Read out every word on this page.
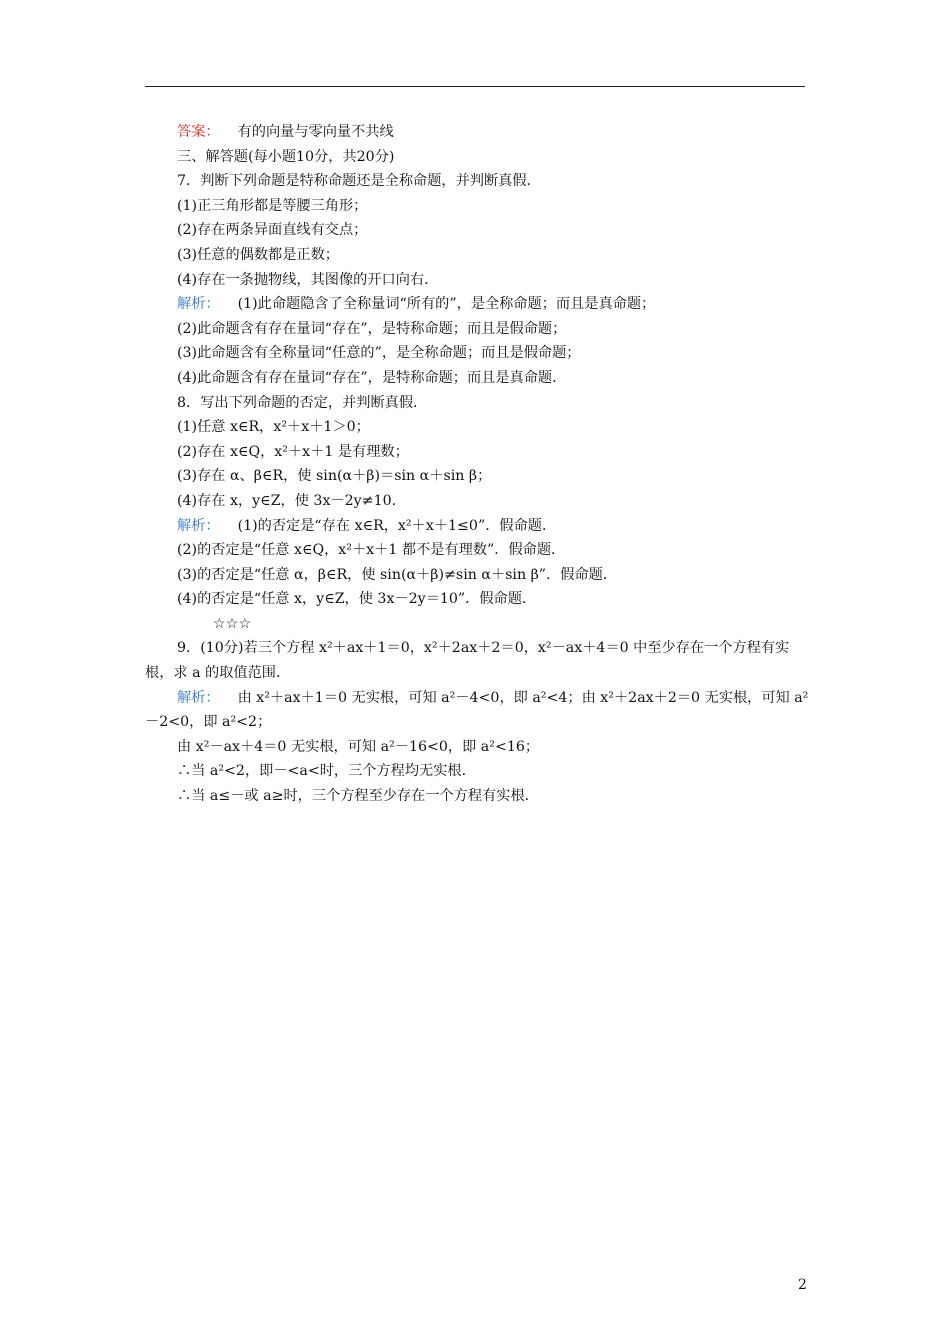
答案： 有的向量与零向量不共线

三、解答题(每小题10分，共20分)

7．判断下列命题是特称命题还是全称命题，并判断真假．

(1)正三角形都是等腰三角形；

(2)存在两条异面直线有交点；

(3)任意的偶数都是正数；

(4)存在一条抛物线，其图像的开口向右．

解析： (1)此命题隐含了全称量词“所有的”，是全称命题；而且是真命题；

(2)此命题含有存在量词“存在”，是特称命题；而且是假命题；

(3)此命题含有全称量词“任意的”，是全称命题；而且是假命题；

(4)此命题含有存在量词“存在”，是特称命题；而且是真命题．

8．写出下列命题的否定，并判断真假．

(1)任意 x∈R，x²＋x＋1＞0；

(2)存在 x∈Q，x²＋x＋1 是有理数；

(3)存在 α、β∈R，使 sin(α＋β)＝sin α＋sin β；

(4)存在 x，y∈Z，使 3x－2y≠10.

解析： (1)的否定是“存在 x∈R，x²＋x＋1≤0”．假命题．

(2)的否定是“任意 x∈Q，x²＋x＋1 都不是有理数”．假命题．

(3)的否定是“任意 α，β∈R，使 sin(α＋β)≠sin α＋sin β”．假命题．

(4)的否定是“任意 x，y∈Z，使 3x－2y＝10”．假命题．

☆☆☆

9．(10分)若三个方程 x²＋ax＋1＝0，x²＋2ax＋2＝0，x²－ax＋4＝0 中至少存在一个方程有实根，求 a 的取值范围．

解析： 由 x²＋ax＋1＝0 无实根，可知 a²－4<0，即 a²<4；由 x²＋2ax＋2＝0 无实根，可知 a²－2<0，即 a²<2；

由 x²－ax＋4＝0 无实根，可知 a²－16<0，即 a²<16；

∴当 a²<2，即－<a<时，三个方程均无实根．

∴当 a≤－或 a≥时，三个方程至少存在一个方程有实根．

2
